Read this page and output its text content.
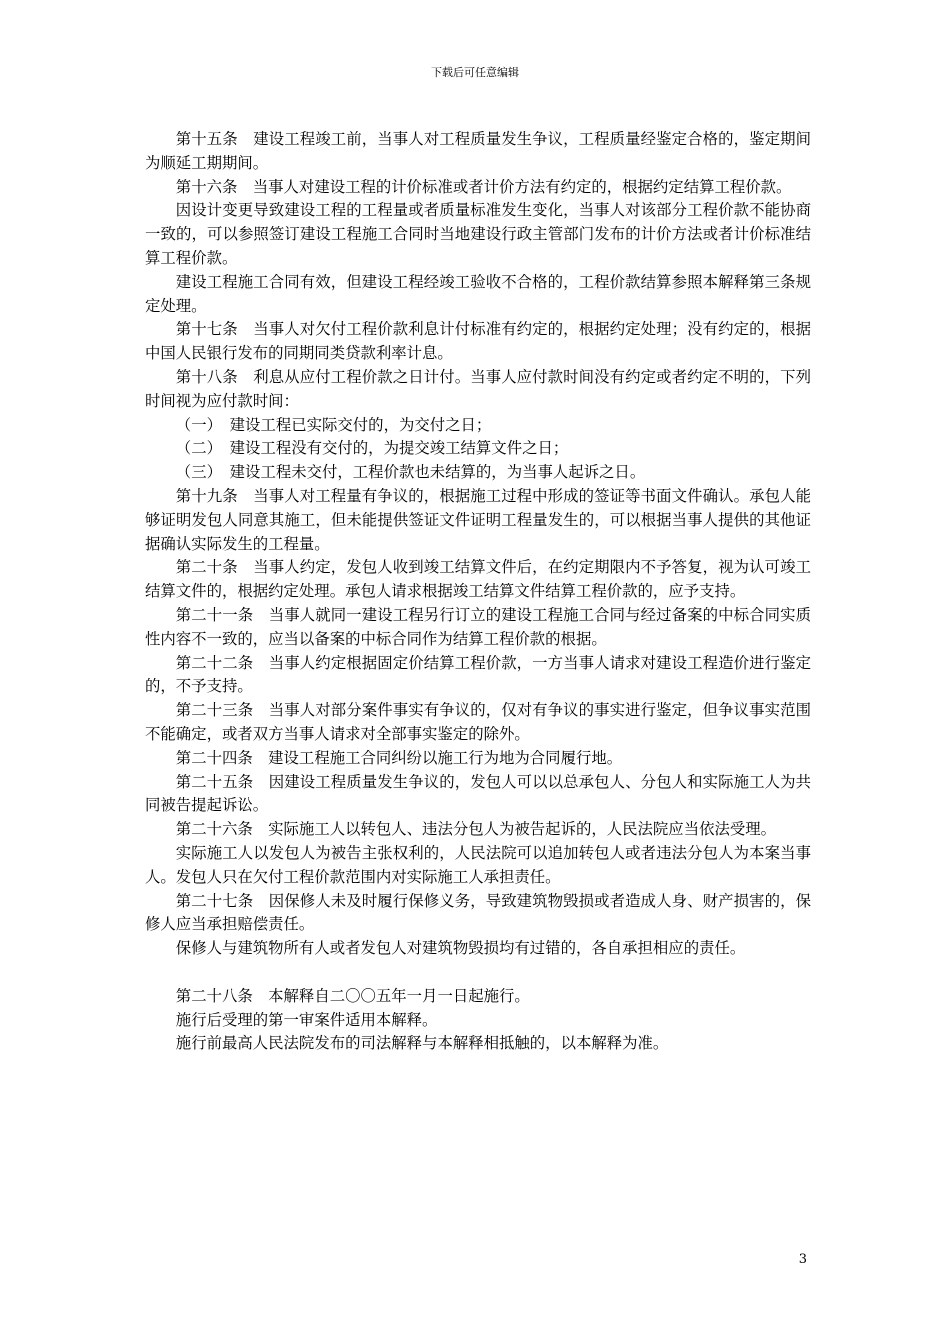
下载后可任意编辑

第十五条　建设工程竣工前，当事人对工程质量发生争议，工程质量经鉴定合格的，鉴定期间为顺延工期期间。

第十六条　当事人对建设工程的计价标准或者计价方法有约定的，根据约定结算工程价款。

因设计变更导致建设工程的工程量或者质量标准发生变化，当事人对该部分工程价款不能协商一致的，可以参照签订建设工程施工合同时当地建设行政主管部门发布的计价方法或者计价标准结算工程价款。

建设工程施工合同有效，但建设工程经竣工验收不合格的，工程价款结算参照本解释第三条规定处理。

第十七条　当事人对欠付工程价款利息计付标准有约定的，根据约定处理；没有约定的，根据中国人民银行发布的同期同类贷款利率计息。

第十八条　利息从应付工程价款之日计付。当事人应付款时间没有约定或者约定不明的，下列时间视为应付款时间：

（一）　建设工程已实际交付的，为交付之日；

（二）　建设工程没有交付的，为提交竣工结算文件之日；

（三）　建设工程未交付，工程价款也未结算的，为当事人起诉之日。

第十九条　当事人对工程量有争议的，根据施工过程中形成的签证等书面文件确认。承包人能够证明发包人同意其施工，但未能提供签证文件证明工程量发生的，可以根据当事人提供的其他证据确认实际发生的工程量。

第二十条　当事人约定，发包人收到竣工结算文件后，在约定期限内不予答复，视为认可竣工结算文件的，根据约定处理。承包人请求根据竣工结算文件结算工程价款的，应予支持。

第二十一条　当事人就同一建设工程另行订立的建设工程施工合同与经过备案的中标合同实质性内容不一致的，应当以备案的中标合同作为结算工程价款的根据。

第二十二条　当事人约定根据固定价结算工程价款，一方当事人请求对建设工程造价进行鉴定的，不予支持。

第二十三条　当事人对部分案件事实有争议的，仅对有争议的事实进行鉴定，但争议事实范围不能确定，或者双方当事人请求对全部事实鉴定的除外。

第二十四条　建设工程施工合同纠纷以施工行为地为合同履行地。

第二十五条　因建设工程质量发生争议的，发包人可以以总承包人、分包人和实际施工人为共同被告提起诉讼。

第二十六条　实际施工人以转包人、违法分包人为被告起诉的，人民法院应当依法受理。

实际施工人以发包人为被告主张权利的，人民法院可以追加转包人或者违法分包人为本案当事人。发包人只在欠付工程价款范围内对实际施工人承担责任。

第二十七条　因保修人未及时履行保修义务，导致建筑物毁损或者造成人身、财产损害的，保修人应当承担赔偿责任。

保修人与建筑物所有人或者发包人对建筑物毁损均有过错的，各自承担相应的责任。

第二十八条　本解释自二〇〇五年一月一日起施行。

施行后受理的第一审案件适用本解释。

施行前最高人民法院发布的司法解释与本解释相抵触的，以本解释为准。

3
